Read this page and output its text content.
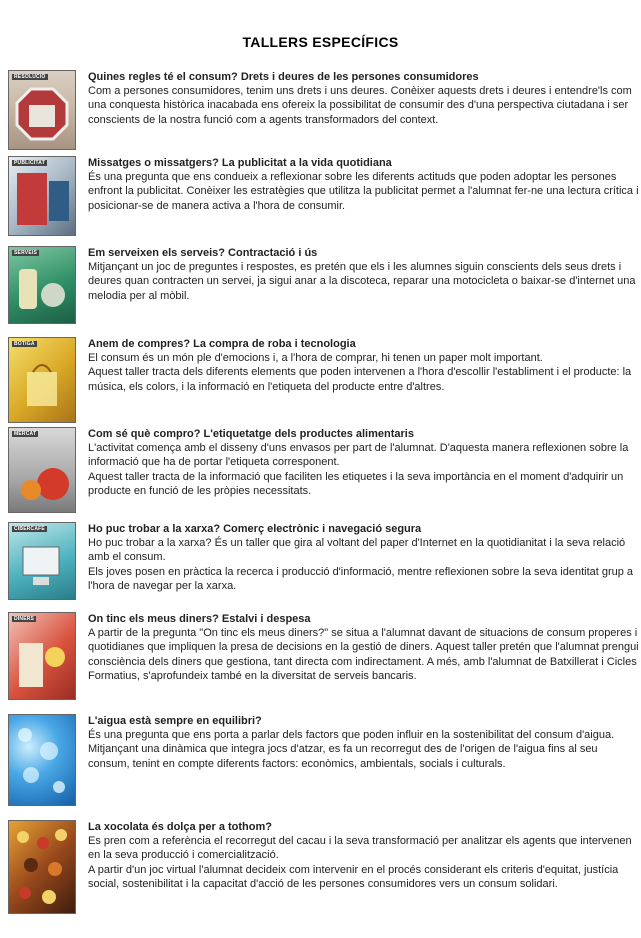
TALLERS ESPECÍFICS
RESOLUCIÓ	Quines regles té el consum? Drets i deures de les persones consumidores

Com a persones consumidores, tenim uns drets i uns deures. Conèixer aquests drets i deures i entendre'ls com una conquesta històrica inacabada ens ofereix la possibilitat de consumir des d'una perspectiva ciutadana i ser conscients de la nostra funció com a agents transformadors del context.

PUBLICITAT	Missatges o missatgers? La publicitat a la vida quotidiana

És una pregunta que ens condueix a reflexionar sobre les diferents actituds que poden adoptar les persones enfront la publicitat. Conèixer les estratègies que utilitza la publicitat permet a l'alumnat fer-ne una lectura crítica i posicionar-se de manera activa a l'hora de consumir.

SERVEIS	Em serveixen els serveis? Contractació i ús

Mitjançant un joc de preguntes i respostes, es pretén que els i les alumnes siguin conscients dels seus drets i deures quan contracten un servei, ja sigui anar a la discoteca, reparar una motocicleta o baixar-se d'internet una melodia per al mòbil.

BOTIGA	Anem de compres? La compra de roba i tecnologia

El consum és un món ple d'emocions i, a l'hora de comprar, hi tenen un paper molt important.

Aquest taller tracta dels diferents elements que poden intervenen a l'hora d'escollir l'establiment i el producte: la música, els colors, i la informació en l'etiqueta del producte entre d'altres.

MERCAT	Com sé què compro? L'etiquetatge dels productes alimentaris

L'activitat comença amb el disseny d'uns envasos per part de l'alumnat. D'aquesta manera reflexionen sobre la informació que ha de portar l'etiqueta corresponent.

Aquest taller tracta de la informació que faciliten les etiquetes i la seva importància en el moment d'adquirir un producte en funció de les pròpies necessitats.

CIBERCAFÈ	Ho puc trobar a la xarxa? Comerç electrònic i navegació segura

Ho puc trobar a la xarxa? És un taller que gira al voltant del paper d'Internet en la quotidianitat i la seva relació amb el consum.

Els joves posen en pràctica la recerca i producció d'informació, mentre reflexionen sobre la seva identitat grup a l'hora de navegar per la xarxa.

DINERS	On tinc els meus diners? Estalvi i despesa

A partir de la pregunta "On tinc els meus diners?" se situa a l'alumnat davant de situacions de consum properes i quotidianes que impliquen la presa de decisions en la gestió de diners. Aquest taller pretén que l'alumnat prengui consciència dels diners que gestiona, tant directa com indirectament. A més, amb l'alumnat de Batxillerat i Cicles Formatius, s'aprofundeix també en la diversitat de serveis bancaris.

L'aigua està sempre en equilibri?

És una pregunta que ens porta a parlar dels factors que poden influir en la sostenibilitat del consum d'aigua.

Mitjançant una dinàmica que integra jocs d'atzar, es fa un recorregut des de l'origen de l'aigua fins al seu consum, tenint en compte diferents factors: econòmics, ambientals, socials i culturals.

La xocolata és dolça per a tothom?

Es pren com a referència el recorregut del cacau i la seva transformació per analitzar els agents que intervenen en la seva producció i comercialització.

A partir d'un joc virtual l'alumnat decideix com intervenir en el procés considerant els criteris d'equitat, justícia social, sostenibilitat i la capacitat d'acció de les persones consumidores vers un consum solidari.
